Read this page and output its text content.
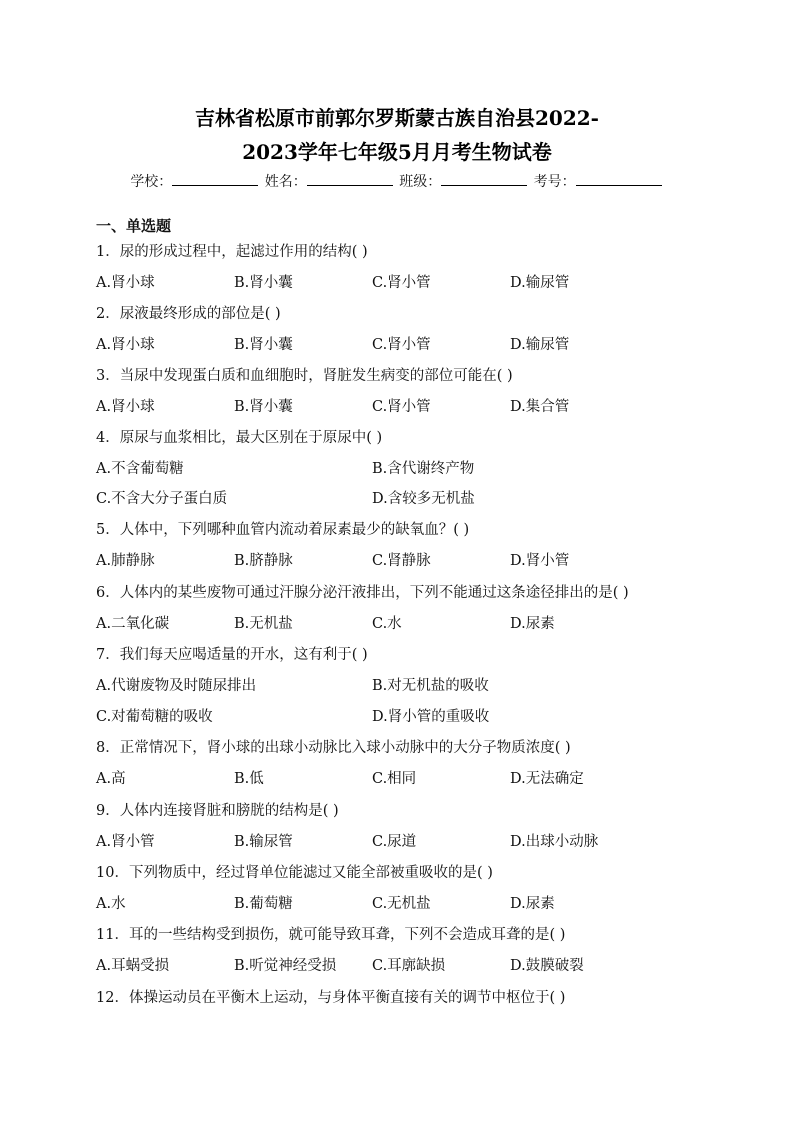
吉林省松原市前郭尔罗斯蒙古族自治县2022-
2023学年七年级5月月考生物试卷
学校：	姓名：	班级：	考号：
一、单选题
1．尿的形成过程中，起滤过作用的结构( )
A.肾小球	B.肾小囊	C.肾小管	D.输尿管
2．尿液最终形成的部位是( )
A.肾小球	B.肾小囊	C.肾小管	D.输尿管
3．当尿中发现蛋白质和血细胞时，肾脏发生病变的部位可能在( )
A.肾小球	B.肾小囊	C.肾小管	D.集合管
4．原尿与血浆相比，最大区别在于原尿中( )
A.不含葡萄糖	B.含代谢终产物
C.不含大分子蛋白质	D.含较多无机盐
5．人体中，下列哪种血管内流动着尿素最少的缺氧血？( )
A.肺静脉	B.脐静脉	C.肾静脉	D.肾小管
6．人体内的某些废物可通过汗腺分泌汗液排出，下列不能通过这条途径排出的是( )
A.二氧化碳	B.无机盐	C.水	D.尿素
7．我们每天应喝适量的开水，这有利于( )
A.代谢废物及时随尿排出	B.对无机盐的吸收
C.对葡萄糖的吸收	D.肾小管的重吸收
8．正常情况下，肾小球的出球小动脉比入球小动脉中的大分子物质浓度( )
A.高	B.低	C.相同	D.无法确定
9．人体内连接肾脏和膀胱的结构是( )
A.肾小管	B.输尿管	C.尿道	D.出球小动脉
10．下列物质中，经过肾单位能滤过又能全部被重吸收的是( )
A.水	B.葡萄糖	C.无机盐	D.尿素
11．耳的一些结构受到损伤，就可能导致耳聋，下列不会造成耳聋的是( )
A.耳蜗受损	B.听觉神经受损 C.耳廓缺损	D.鼓膜破裂
12．体操运动员在平衡木上运动，与身体平衡直接有关的调节中枢位于( )
